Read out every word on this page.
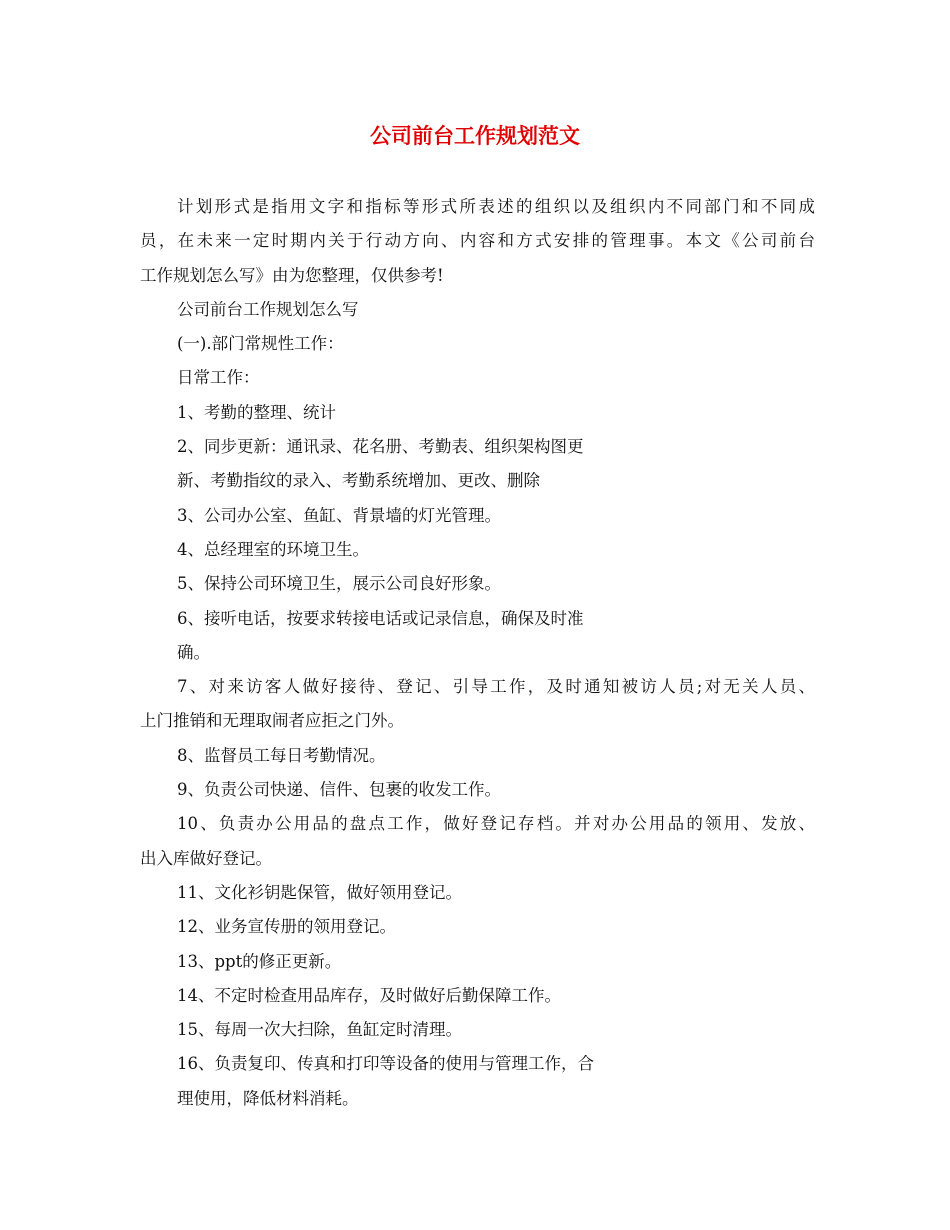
公司前台工作规划范文

计划形式是指用文字和指标等形式所表述的组织以及组织内不同部门和不同成

员，在未来一定时期内关于行动方向、内容和方式安排的管理事。本文《公司前台

工作规划怎么写》由为您整理，仅供参考!

公司前台工作规划怎么写

(一).部门常规性工作：

日常工作：

1、考勤的整理、统计

2、同步更新：通讯录、花名册、考勤表、组织架构图更

新、考勤指纹的录入、考勤系统增加、更改、删除

3、公司办公室、鱼缸、背景墙的灯光管理。

4、总经理室的环境卫生。

5、保持公司环境卫生，展示公司良好形象。

6、接听电话，按要求转接电话或记录信息，确保及时准

确。

7、对来访客人做好接待、登记、引导工作，及时通知被访人员;对无关人员、

上门推销和无理取闹者应拒之门外。

8、监督员工每日考勤情况。

9、负责公司快递、信件、包裹的收发工作。

10、负责办公用品的盘点工作，做好登记存档。并对办公用品的领用、发放、

出入库做好登记。

11、文化衫钥匙保管，做好领用登记。

12、业务宣传册的领用登记。

13、ppt的修正更新。

14、不定时检查用品库存，及时做好后勤保障工作。

15、每周一次大扫除，鱼缸定时清理。

16、负责复印、传真和打印等设备的使用与管理工作，合

理使用，降低材料消耗。
